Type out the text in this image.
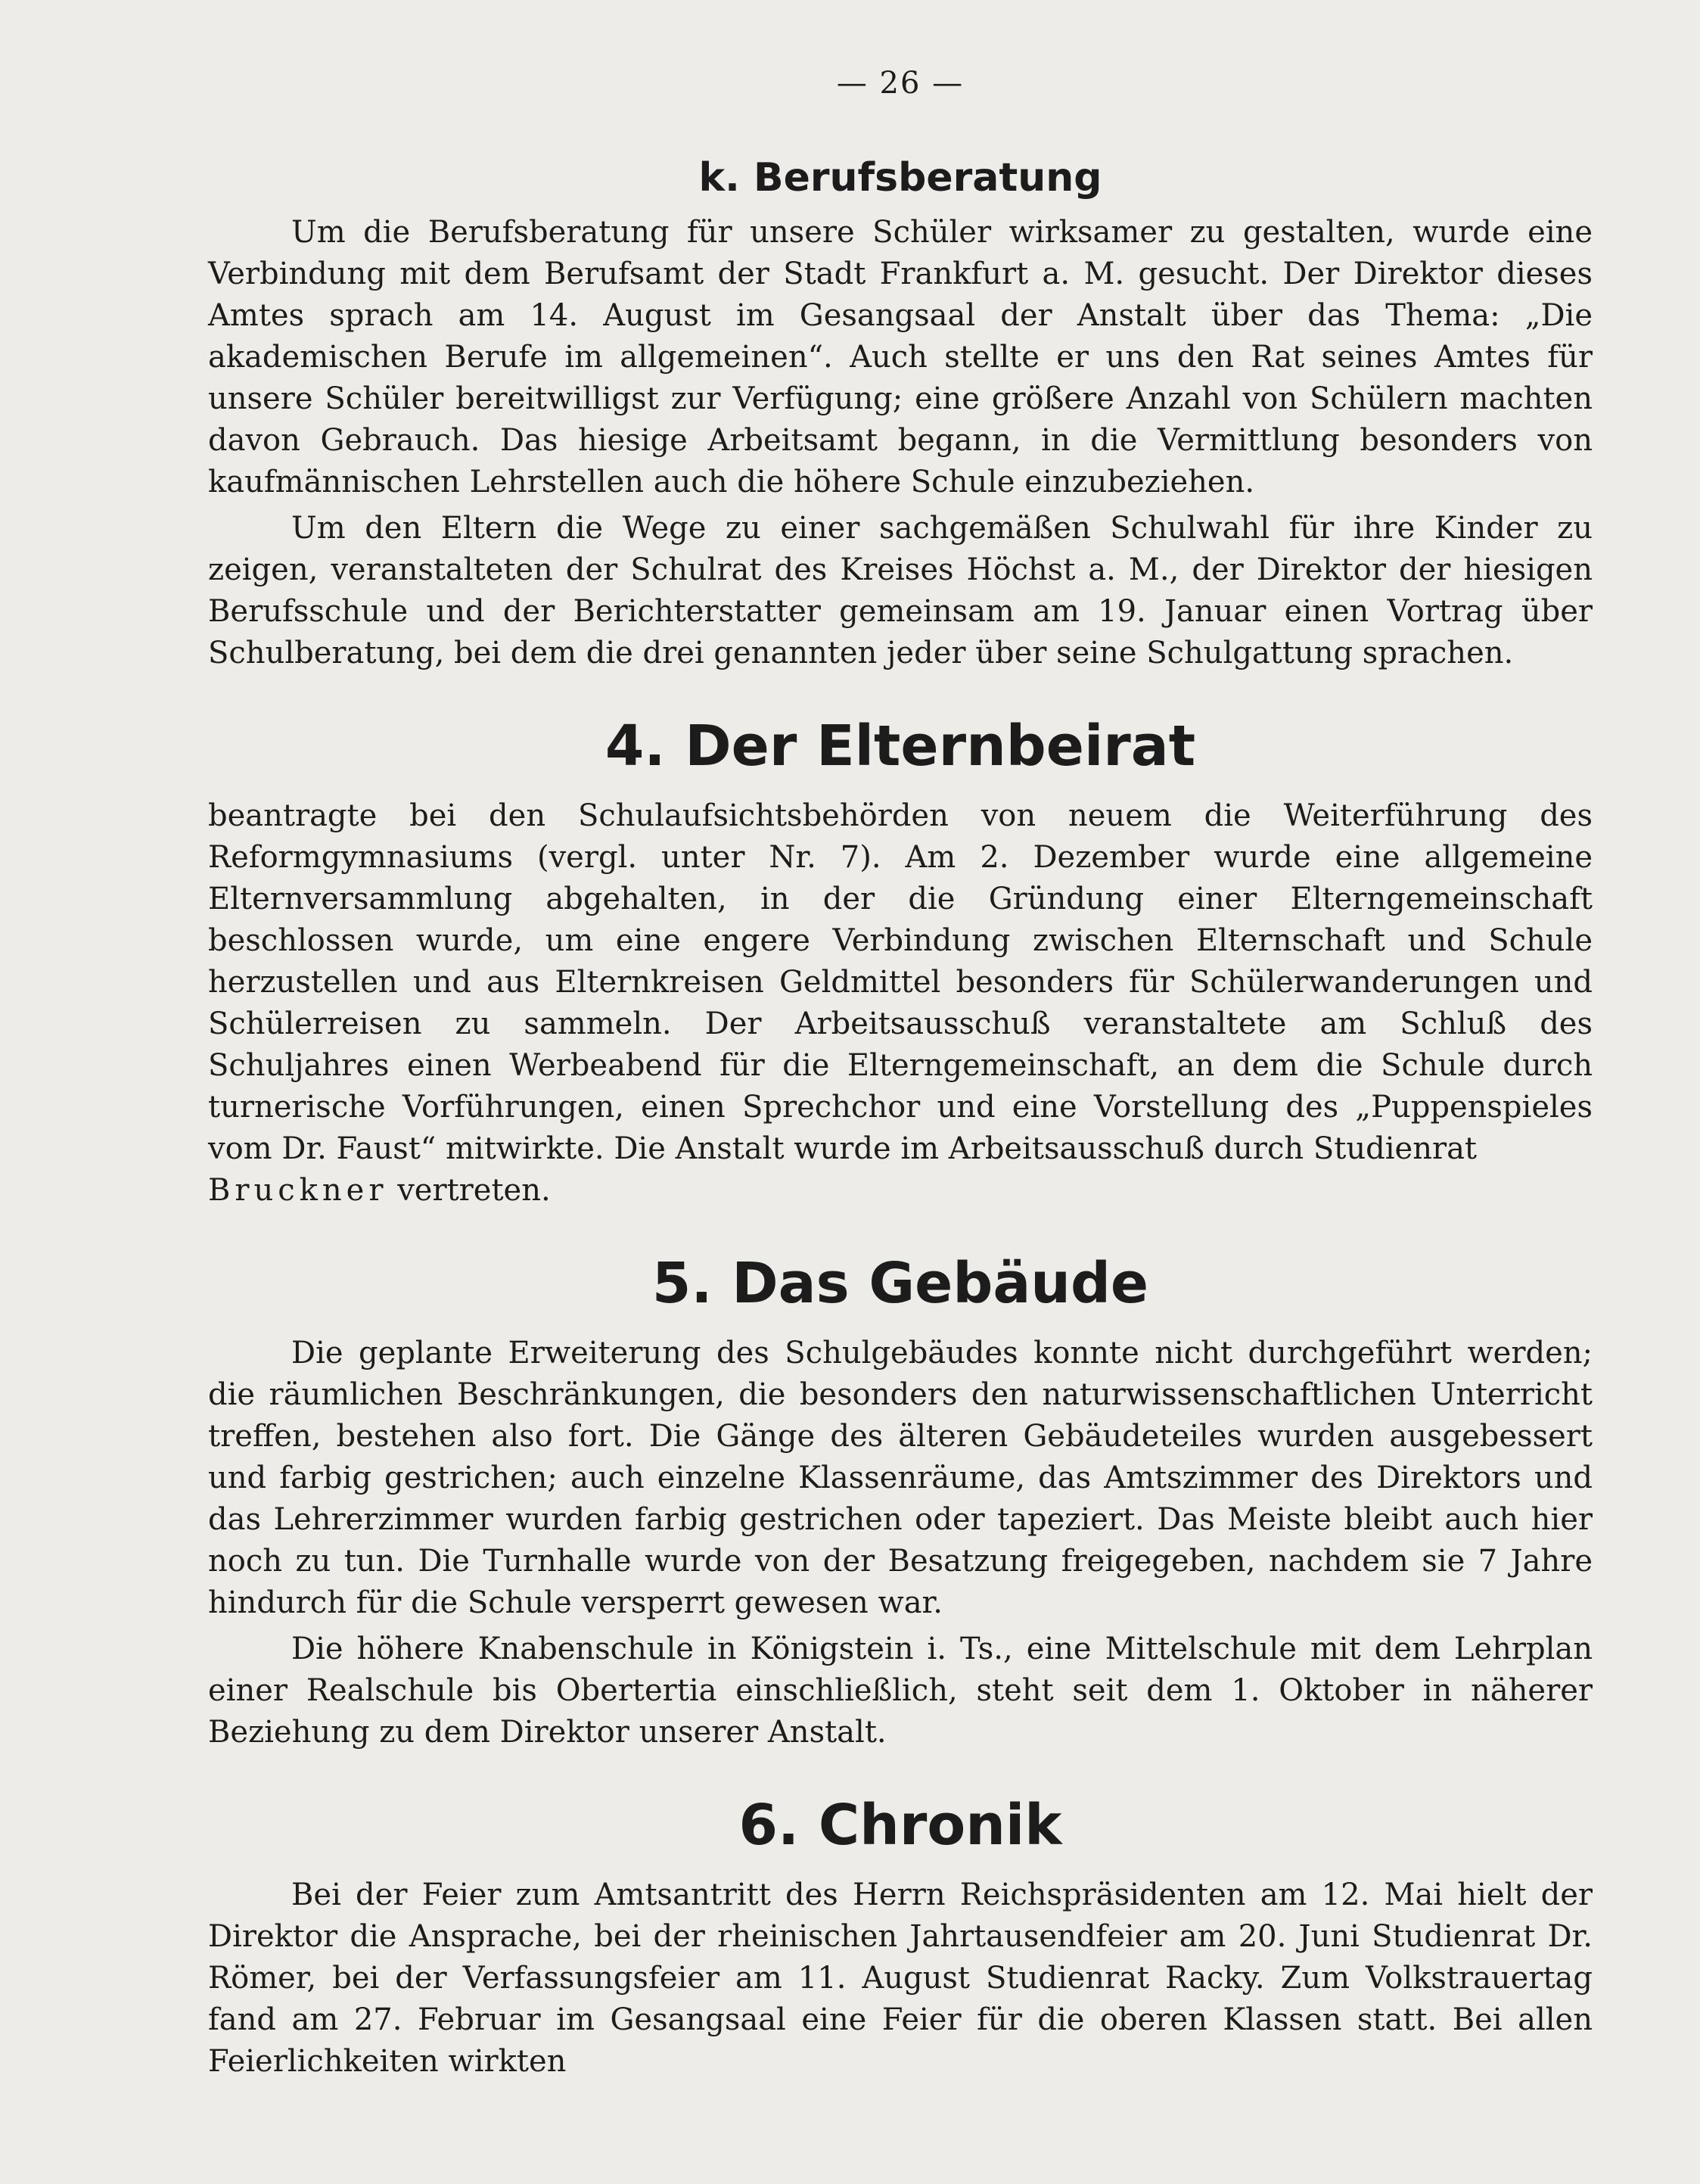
— 26 —
k. Berufsberatung

Um die Berufsberatung für unsere Schüler wirksamer zu gestalten, wurde eine Verbindung mit dem Berufsamt der Stadt Frankfurt a. M. gesucht. Der Direktor dieses Amtes sprach am 14. August im Gesangsaal der Anstalt über das Thema: „Die akademischen Berufe im allgemeinen“. Auch stellte er uns den Rat seines Amtes für unsere Schüler bereitwilligst zur Verfügung; eine größere Anzahl von Schülern machten davon Gebrauch. Das hiesige Arbeitsamt begann, in die Vermittlung besonders von kaufmännischen Lehrstellen auch die höhere Schule einzubeziehen.

Um den Eltern die Wege zu einer sachgemäßen Schulwahl für ihre Kinder zu zeigen, veranstalteten der Schulrat des Kreises Höchst a. M., der Direktor der hiesigen Berufsschule und der Berichterstatter gemeinsam am 19. Januar einen Vortrag über Schulberatung, bei dem die drei genannten jeder über seine Schulgattung sprachen.

4. Der Elternbeirat

beantragte bei den Schulaufsichtsbehörden von neuem die Weiterführung des Reformgymnasiums (vergl. unter Nr. 7). Am 2. Dezember wurde eine allgemeine Elternversammlung abgehalten, in der die Gründung einer Elterngemeinschaft beschlossen wurde, um eine engere Verbindung zwischen Elternschaft und Schule herzustellen und aus Elternkreisen Geldmittel besonders für Schülerwanderungen und Schülerreisen zu sammeln. Der Arbeitsausschuß veranstaltete am Schluß des Schuljahres einen Werbeabend für die Elterngemeinschaft, an dem die Schule durch turnerische Vorführungen, einen Sprechchor und eine Vorstellung des „Puppenspieles vom Dr. Faust“ mitwirkte. Die Anstalt wurde im Arbeitsausschuß durch Studienrat
Bruckner vertreten.

5. Das Gebäude

Die geplante Erweiterung des Schulgebäudes konnte nicht durchgeführt werden; die räumlichen Beschränkungen, die besonders den naturwissenschaftlichen Unterricht treffen, bestehen also fort. Die Gänge des älteren Gebäudeteiles wurden ausgebessert und farbig gestrichen; auch einzelne Klassenräume, das Amtszimmer des Direktors und das Lehrerzimmer wurden farbig gestrichen oder tapeziert. Das Meiste bleibt auch hier noch zu tun. Die Turnhalle wurde von der Besatzung freigegeben, nachdem sie 7 Jahre hindurch für die Schule versperrt gewesen war.

Die höhere Knabenschule in Königstein i. Ts., eine Mittelschule mit dem Lehrplan einer Realschule bis Obertertia einschließlich, steht seit dem 1. Oktober in näherer Beziehung zu dem Direktor unserer Anstalt.

6. Chronik

Bei der Feier zum Amtsantritt des Herrn Reichspräsidenten am 12. Mai hielt der Direktor die Ansprache, bei der rheinischen Jahrtausendfeier am 20. Juni Studienrat Dr. Römer, bei der Verfassungsfeier am 11. August Studienrat Racky. Zum Volkstrauertag fand am 27. Februar im Gesangsaal eine Feier für die oberen Klassen statt. Bei allen Feierlichkeiten wirkten
